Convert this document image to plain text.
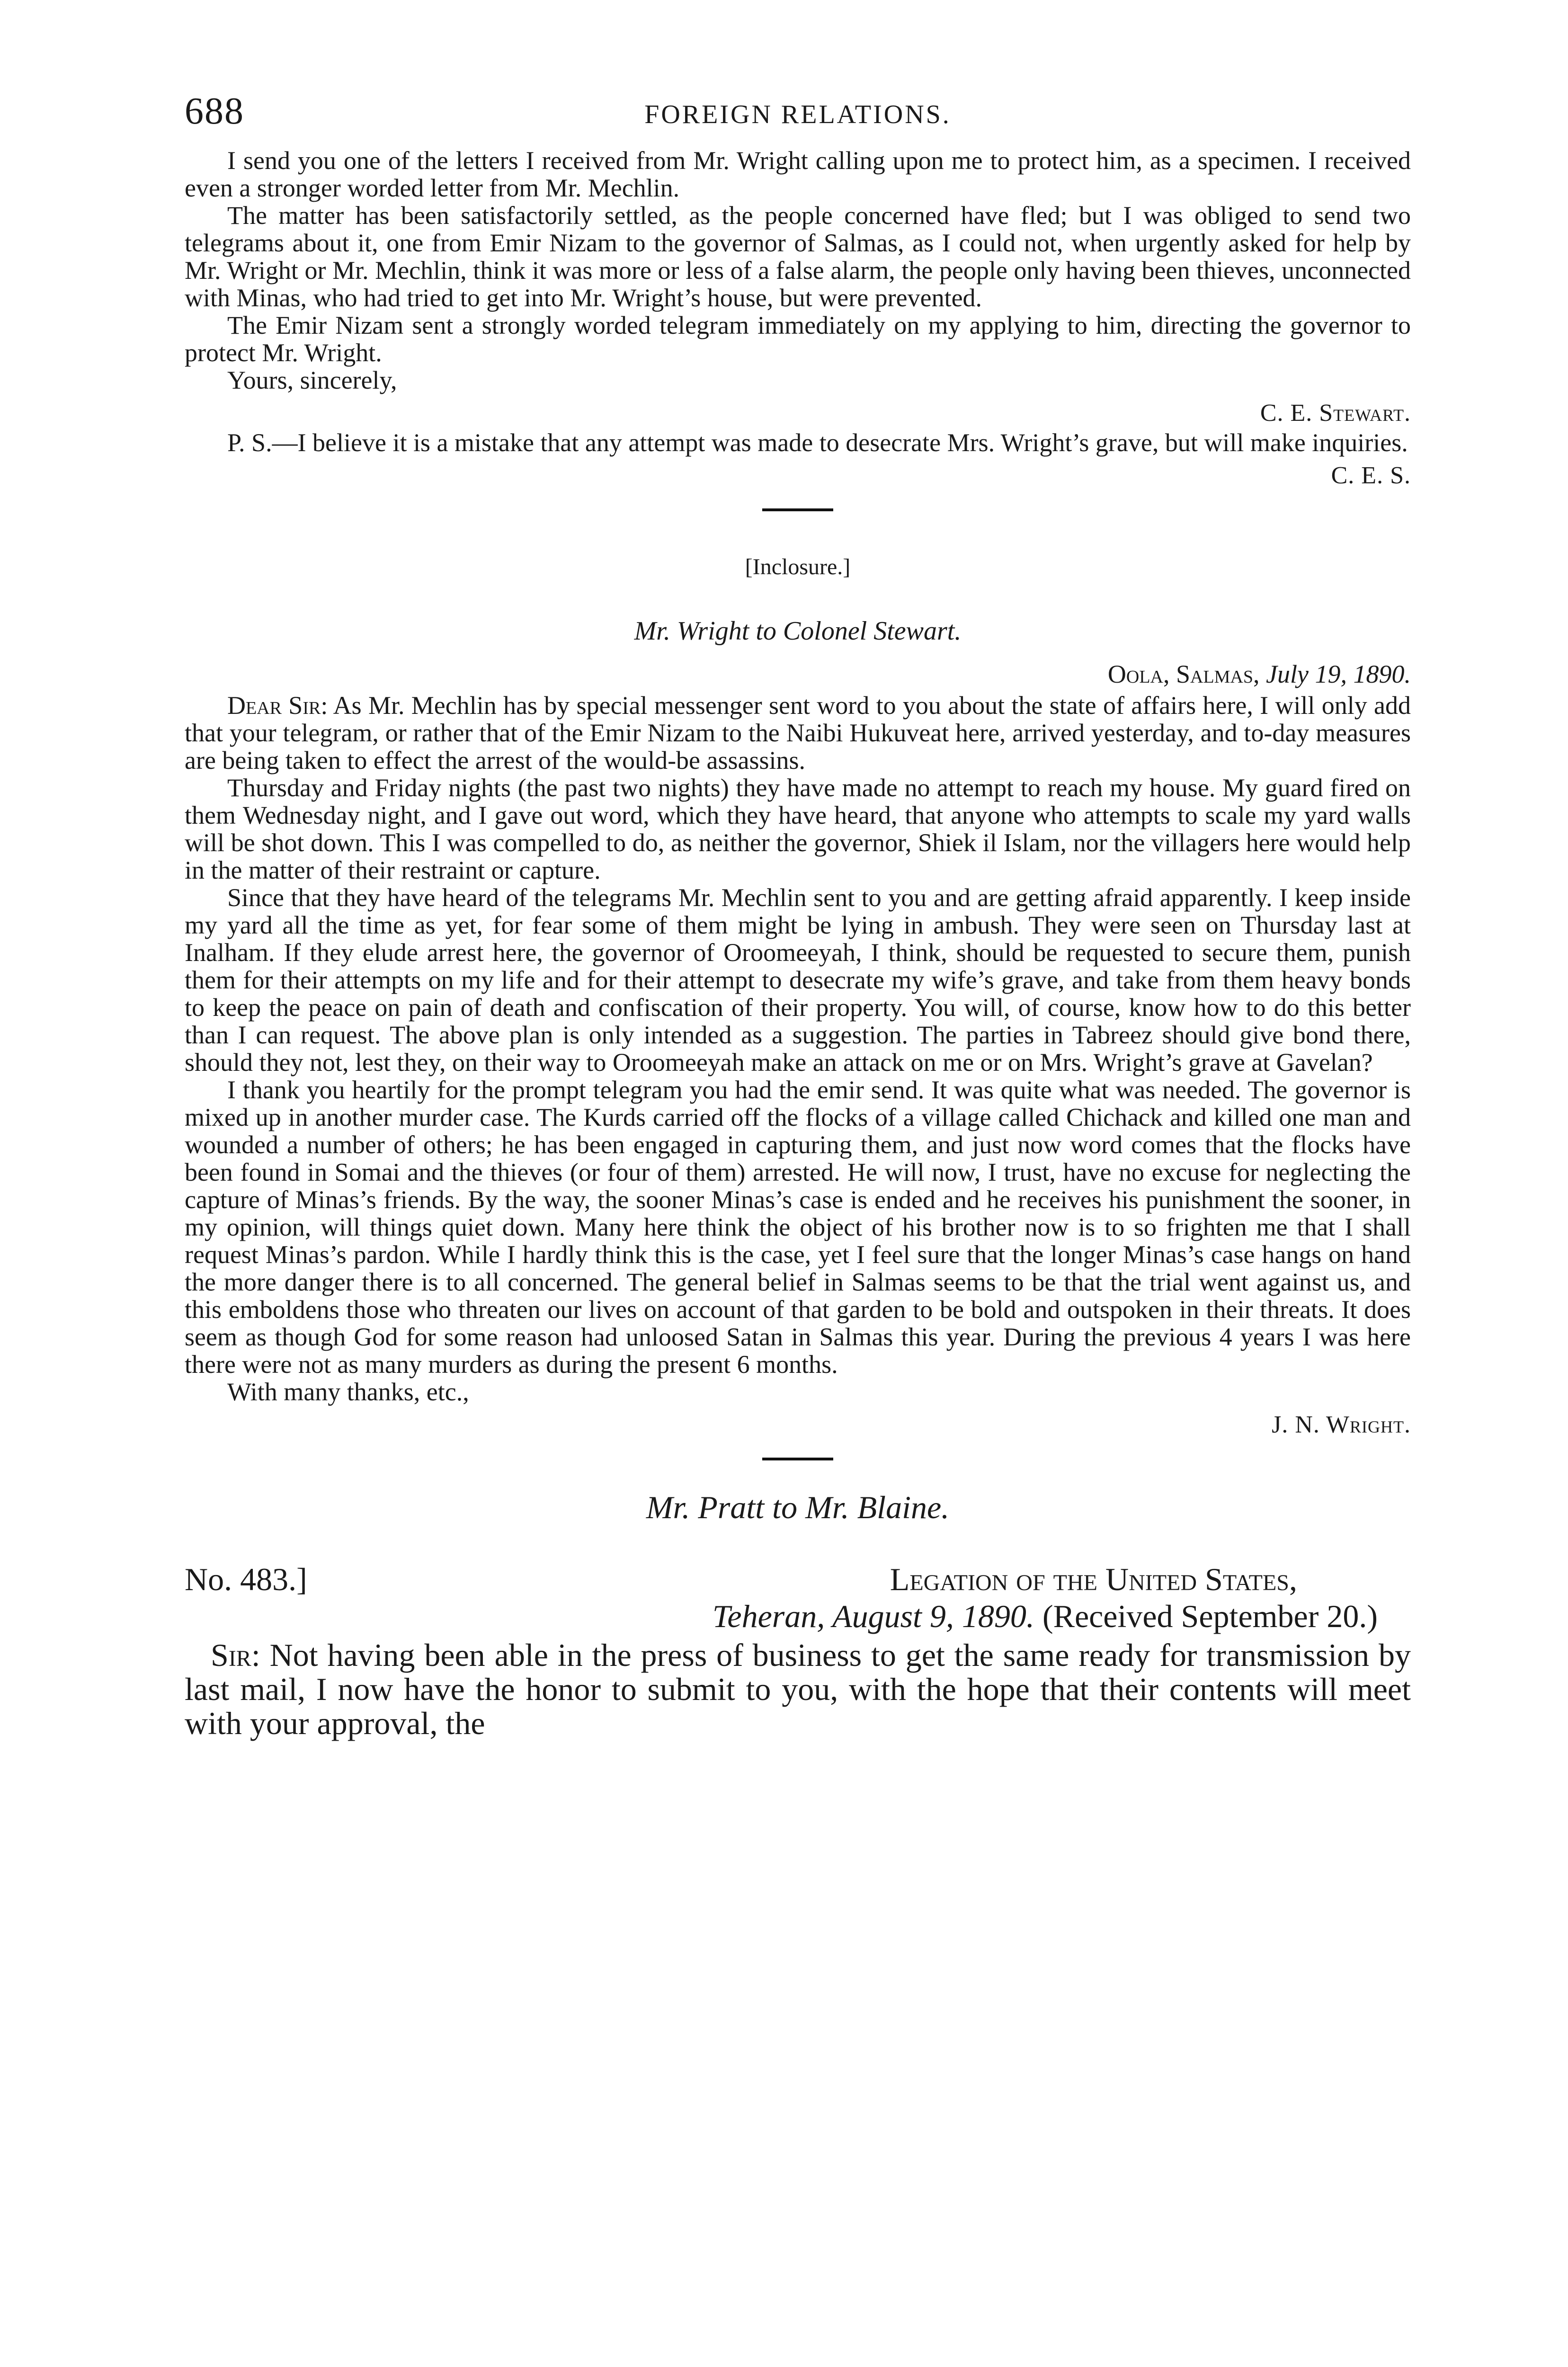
688	FOREIGN RELATIONS.

I send you one of the letters I received from Mr. Wright calling upon me to protect him, as a specimen. I received even a stronger worded letter from Mr. Mechlin.

The matter has been satisfactorily settled, as the people concerned have fled; but I was obliged to send two telegrams about it, one from Emir Nizam to the governor of Salmas, as I could not, when urgently asked for help by Mr. Wright or Mr. Mechlin, think it was more or less of a false alarm, the people only having been thieves, unconnected with Minas, who had tried to get into Mr. Wright’s house, but were prevented.

The Emir Nizam sent a strongly worded telegram immediately on my applying to him, directing the governor to protect Mr. Wright.

Yours, sincerely,

C. E. Stewart.

P. S.—I believe it is a mistake that any attempt was made to desecrate Mrs. Wright’s grave, but will make inquiries.

C. E. S.
[Inclosure.]
Mr. Wright to Colonel Stewart.
Oola, Salmas, July 19, 1890.

Dear Sir: As Mr. Mechlin has by special messenger sent word to you about the state of affairs here, I will only add that your telegram, or rather that of the Emir Nizam to the Naibi Hukuveat here, arrived yesterday, and to-day measures are being taken to effect the arrest of the would-be assassins.

Thursday and Friday nights (the past two nights) they have made no attempt to reach my house. My guard fired on them Wednesday night, and I gave out word, which they have heard, that anyone who attempts to scale my yard walls will be shot down. This I was compelled to do, as neither the governor, Shiek il Islam, nor the villagers here would help in the matter of their restraint or capture.

Since that they have heard of the telegrams Mr. Mechlin sent to you and are getting afraid apparently. I keep inside my yard all the time as yet, for fear some of them might be lying in ambush. They were seen on Thursday last at Inalham. If they elude arrest here, the governor of Oroomeeyah, I think, should be requested to secure them, punish them for their attempts on my life and for their attempt to desecrate my wife’s grave, and take from them heavy bonds to keep the peace on pain of death and confiscation of their property. You will, of course, know how to do this better than I can request. The above plan is only intended as a suggestion. The parties in Tabreez should give bond there, should they not, lest they, on their way to Oroomeeyah make an attack on me or on Mrs. Wright’s grave at Gavelan?

I thank you heartily for the prompt telegram you had the emir send. It was quite what was needed. The governor is mixed up in another murder case. The Kurds carried off the flocks of a village called Chichack and killed one man and wounded a number of others; he has been engaged in capturing them, and just now word comes that the flocks have been found in Somai and the thieves (or four of them) arrested. He will now, I trust, have no excuse for neglecting the capture of Minas’s friends. By the way, the sooner Minas’s case is ended and he receives his punishment the sooner, in my opinion, will things quiet down. Many here think the object of his brother now is to so frighten me that I shall request Minas’s pardon. While I hardly think this is the case, yet I feel sure that the longer Minas’s case hangs on hand the more danger there is to all concerned. The general belief in Salmas seems to be that the trial went against us, and this emboldens those who threaten our lives on account of that garden to be bold and outspoken in their threats. It does seem as though God for some reason had unloosed Satan in Salmas this year. During the previous 4 years I was here there were not as many murders as during the present 6 months.

With many thanks, etc.,

J. N. Wright.
Mr. Pratt to Mr. Blaine.
No. 483.]	Legation of the United States,
Teheran, August 9, 1890. (Received September 20.)

Sir: Not having been able in the press of business to get the same ready for transmission by last mail, I now have the honor to submit to you, with the hope that their contents will meet with your approval, the
